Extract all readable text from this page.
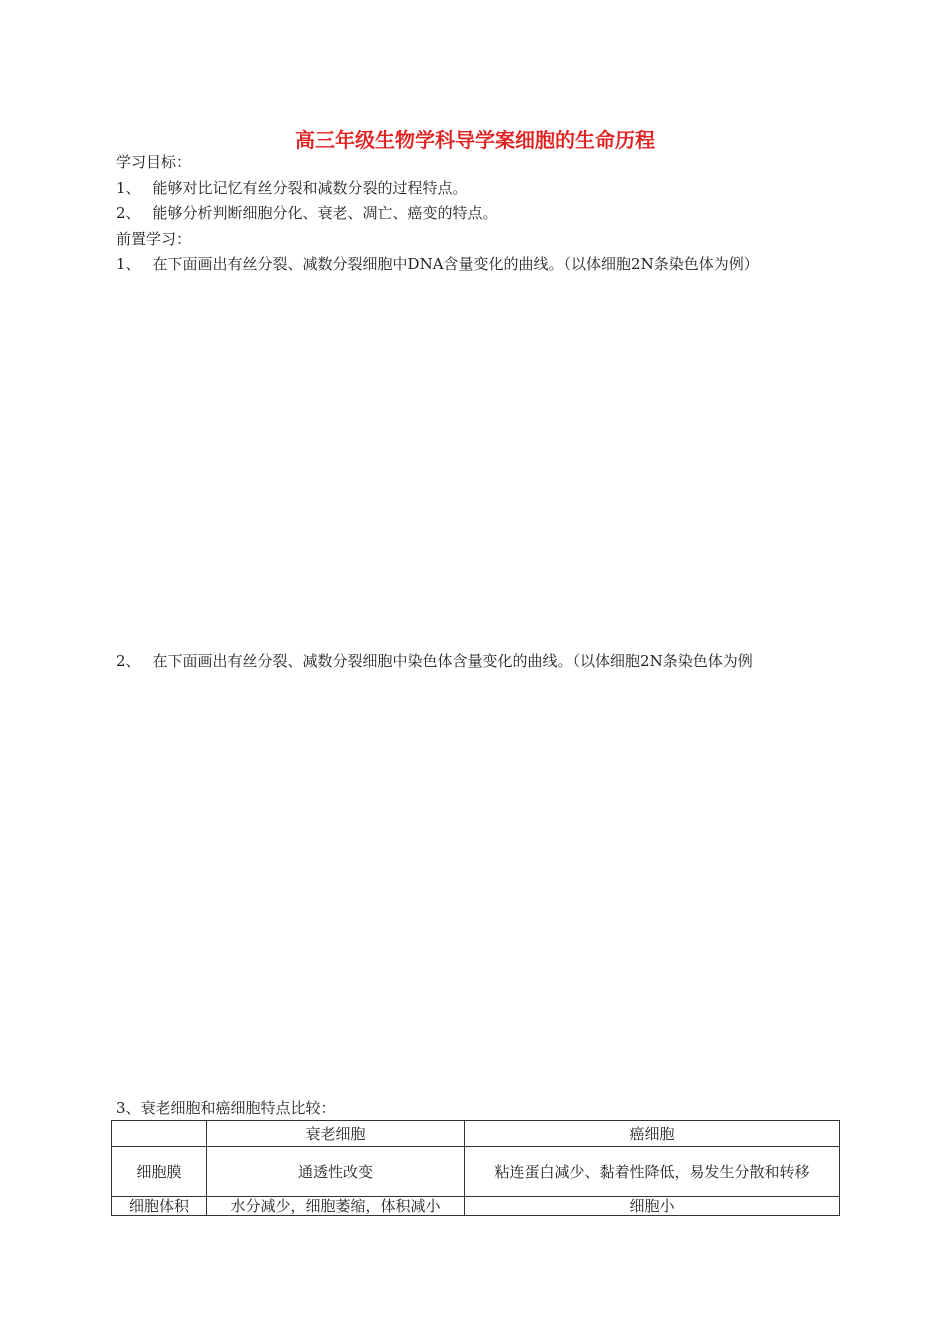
高三年级生物学科导学案细胞的生命历程
学习目标：
1、 能够对比记忆有丝分裂和减数分裂的过程特点。
2、 能够分析判断细胞分化、衰老、凋亡、癌变的特点。
前置学习：
1、 在下面画出有丝分裂、减数分裂细胞中DNA含量变化的曲线。（以体细胞2N条染色体为例）
2、 在下面画出有丝分裂、减数分裂细胞中染色体含量变化的曲线。（以体细胞2N条染色体为例
3、衰老细胞和癌细胞特点比较：
	衰老细胞	癌细胞
细胞膜	通透性改变	粘连蛋白减少、黏着性降低，易发生分散和转移
细胞体积	水分减少，细胞萎缩，体积减小	细胞小
